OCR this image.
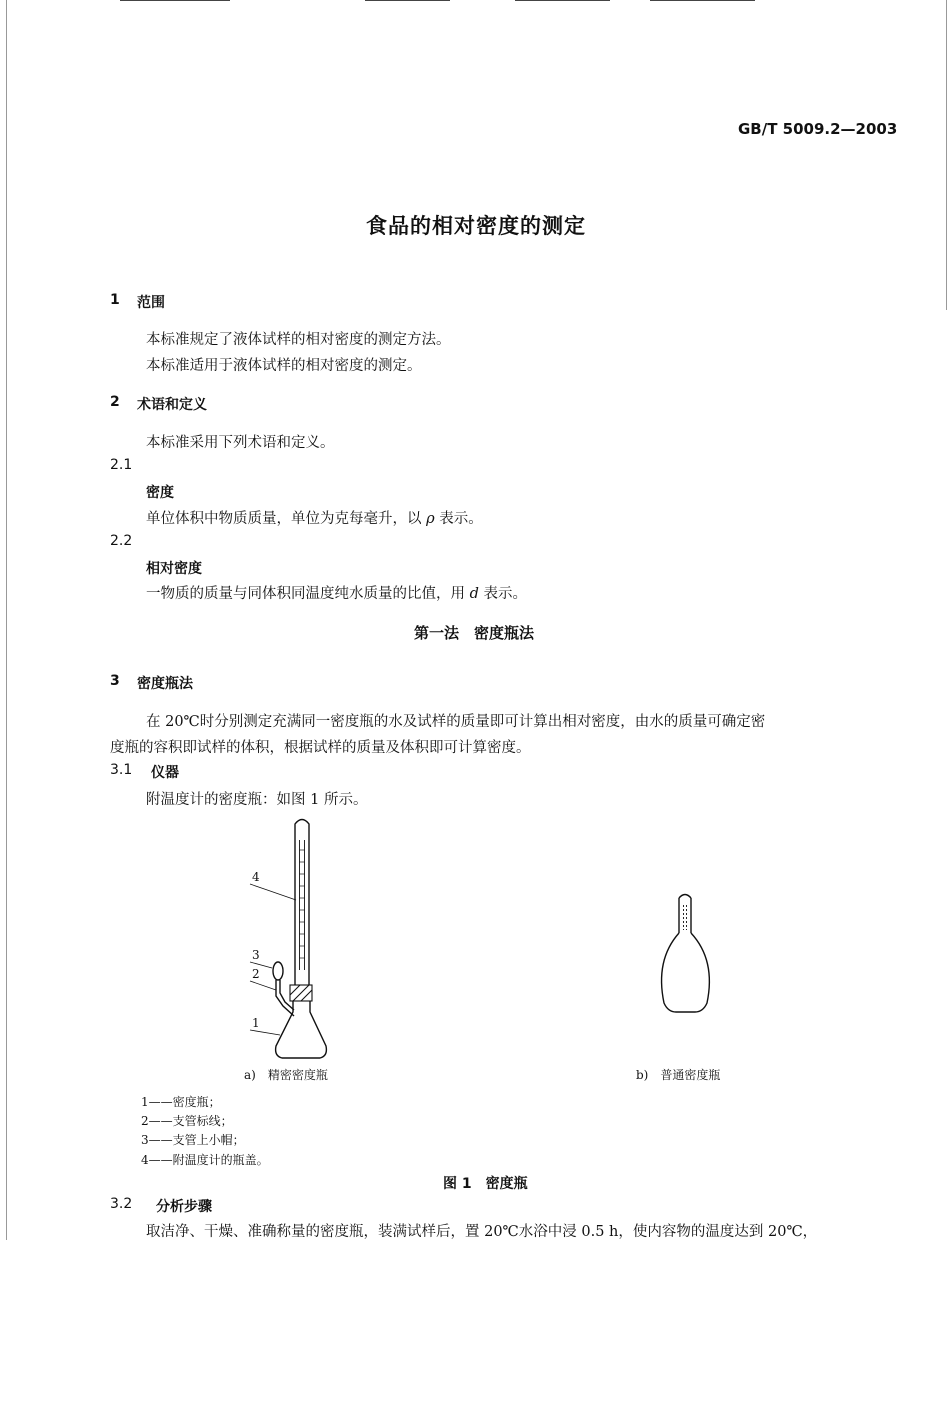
GB/T 5009.2—2003
食品的相对密度的测定
1 范围
本标准规定了液体试样的相对密度的测定方法。
本标准适用于液体试样的相对密度的测定。
2 术语和定义
本标准采用下列术语和定义。
2.1
密度
单位体积中物质质量，单位为克每毫升，以 ρ 表示。
2.2
相对密度
一物质的质量与同体积同温度纯水质量的比值，用 d 表示。
第一法　密度瓶法
3 密度瓶法
在 20℃时分别测定充满同一密度瓶的水及试样的质量即可计算出相对密度，由水的质量可确定密
度瓶的容积即试样的体积，根据试样的质量及体积即可计算密度。
3.1 仪器
附温度计的密度瓶：如图 1 所示。
4
3
2
1
a)　精密密度瓶	b)　普通密度瓶
1——密度瓶；
2——支管标线；
3——支管上小帽；
4——附温度计的瓶盖。
图 1　密度瓶
3.2 分析步骤
取洁净、干燥、准确称量的密度瓶，装满试样后，置 20℃水浴中浸 0.5 h，使内容物的温度达到 20℃，
